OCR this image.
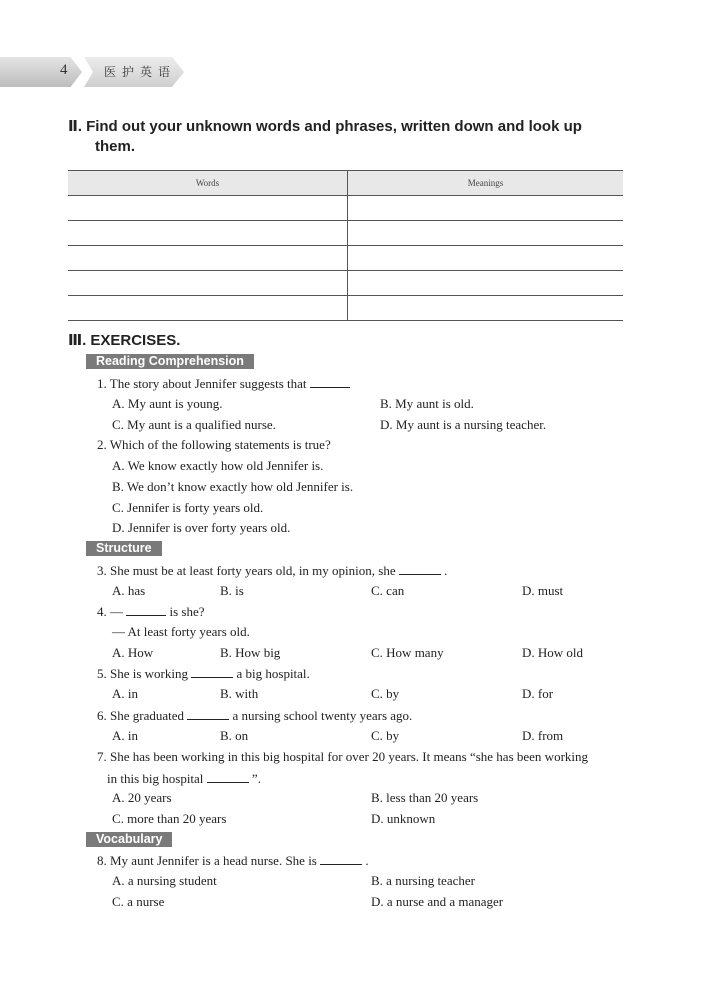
4	医护英语
Ⅱ. Find out your unknown words and phrases, written down and look up
them.
Words	Meanings

Ⅲ. EXERCISES.
Reading Comprehension
1. The story about Jennifer suggests that
A. My aunt is young.	B. My aunt is old.
C. My aunt is a qualified nurse.	D. My aunt is a nursing teacher.
2. Which of the following statements is true?
A. We know exactly how old Jennifer is.
B. We don’t know exactly how old Jennifer is.
C. Jennifer is forty years old.
D. Jennifer is over forty years old.
Structure
3. She must be at least forty years old, in my opinion, she	.
A. has	B. is	C. can	D. must
4. —	is she?
— At least forty years old.
A. How	B. How big	C. How many	D. How old
5. She is working	a big hospital.
A. in	B. with	C. by	D. for
6. She graduated	a nursing school twenty years ago.
A. in	B. on	C. by	D. from
7. She has been working in this big hospital for over 20 years. It means “she has been working
in this big hospital	”.
A. 20 years	B. less than 20 years
C. more than 20 years	D. unknown
Vocabulary
8. My aunt Jennifer is a head nurse. She is	.
A. a nursing student	B. a nursing teacher
C. a nurse	D. a nurse and a manager
